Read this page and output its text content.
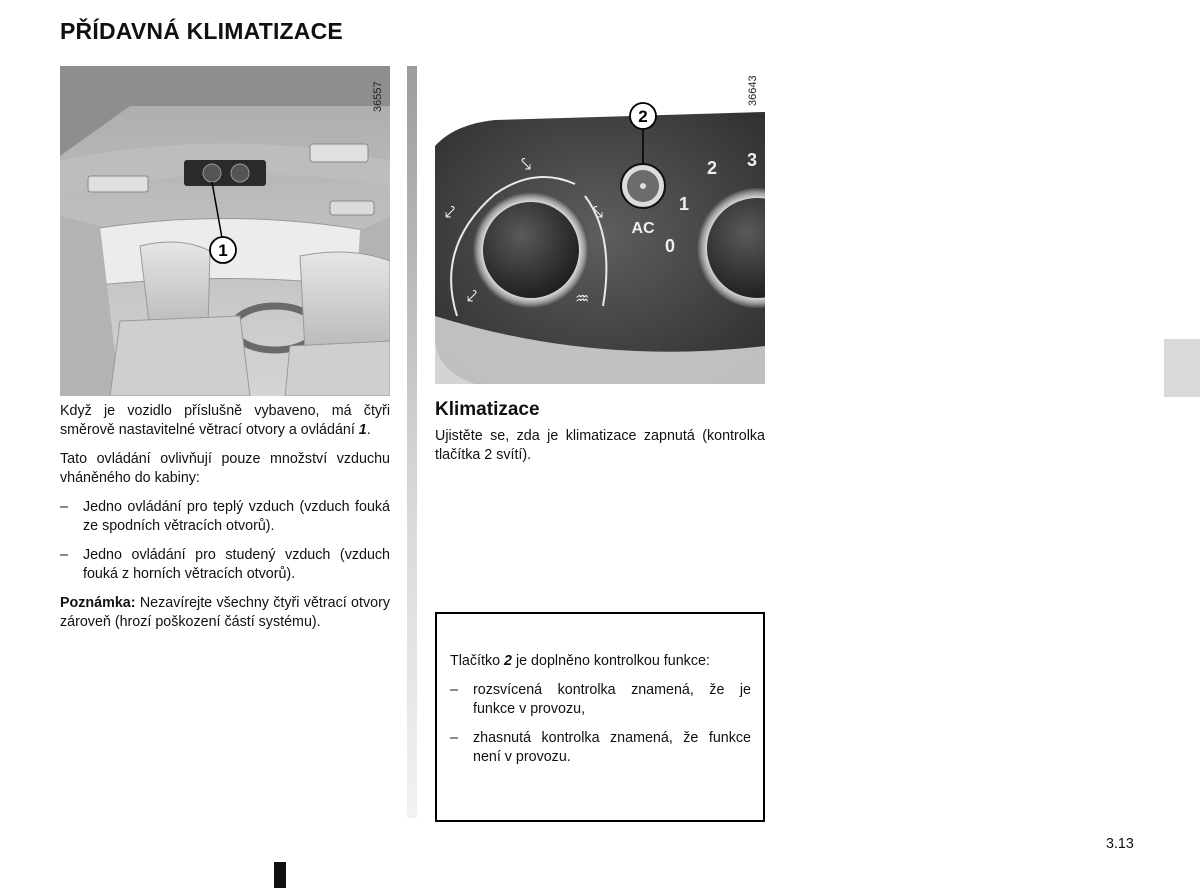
PŘÍDAVNÁ KLIMATIZACE
1
36557
⤦
⤥
⤥
⤦	♒
AC
2
0
1
2 3
36643

Když je vozidlo příslušně vybaveno, má čtyři směrově nastavitelné větrací otvory a ovládání 1.

Tato ovládání ovlivňují pouze množství vzduchu vháněného do kabiny:

–	Jedno ovládání pro teplý vzduch (vzduch fouká ze spodních větracích otvorů).
–	Jedno ovládání pro studený vzduch (vzduch fouká z horních větracích otvorů).

Poznámka: Nezavírejte všechny čtyři větrací otvory zároveň (hrozí poškození částí systému).

Klimatizace

Ujistěte se, zda je klimatizace zapnutá (kontrolka tlačítka 2 svítí).

Tlačítko 2 je doplněno kontrolkou funkce:

–	rozsvícená kontrolka znamená, že je funkce v provozu,
–	zhasnutá kontrolka znamená, že funkce není v provozu.
3.13
